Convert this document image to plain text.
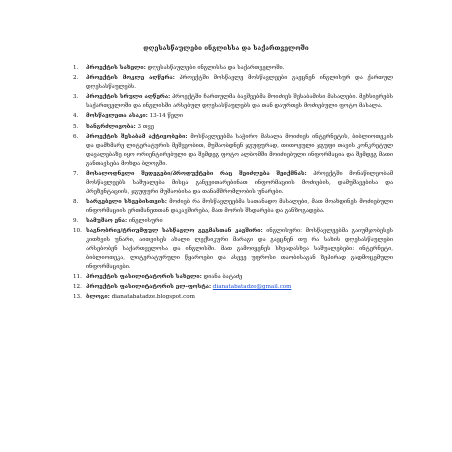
დღესასწაულები ინგლისსა და საქართველოში
1. პროექტის სახელი: დღესასწაულები ინგლისსა და საქართველოში.
2. პროექტის მოკლე აღწერა: პროექტში მოსწავლე მოსწავლეები გაეცნენ ინგლისურ და ქართულ დღესასწაულებს.
3. პროექტის სრული აღწერა: პროექტში ჩართულმა ბავშვებმა მოიძიეს შესაბამისი მასალები. მეხსიერებს საქართველოში და ინგლისში არსებულ დღესასწაულებს და თან დაურთეს მოძიებული ფოტო მასალა.
4. მოსწავლეთა ასაკი: 13-14 წელი
5. ხანგრძლივობა: 3 თვე
6. პროექტის შესაბამ აქტივობები: მოსწავლეებმა საჭირო მასალა მოიძიეს ინტერნეტის, ბიბლიოთეკის და დამხმარე ლიტერატურის მეშვეობით, მუშაობდნენ ჯგუფურად, თითოეული ჯგუფი თავის კონკრეტულ დავალებაზე იყო ორიენტირებული და შემდეგ ფოტო ალბომში მოიძიებული ინფორმაცია და შემდეგ მათი განთავსება მოხდა ბლოგში.
7. მოსალოდნელი შედეგები/პროდუქტები რაც შეიძლება შეიქმნას: პროექტში მონაწილეობამ მოსწავლეებს საშუალება მისცა განევითარებინათ ინფორმაციის მოძიების, დამუშავებისა და პრეზენტაციის, ჯგუფური მუშაობისა და თანამშრომლობის უნარები.
8. სარგებელი სხვებისთვის: მოძიებ რა მოსწავლეებმა სათანადო მასალები, მათ მოახდინეს მოძიებული ინფორმაციის ერთმანეთთან დაკავშირება, მათ მორის შსდარება და განზოგადება.
9. სამუშაო ენა: ინგლისური
10. საგნობრივ/ტრიუმფულ სასწავლო გეგმასთან კავშირი: ინგლისური: მოსწავლეებმა გაიუმჯობესეს კითხვის უნარი, აითვისეს ახალი ლექსიკური მარაგი და გაეცნენ თუ რა სახის დღესასწაულები არსებობენ საქართველოსა და ინგლისში. მათ გამოიყენეს სხვადასხვა საშუალებები: ინტერნეტი, ბიბლიოთეკა, ლიტერატურული წყაროები და ასევე უფროსი თაობისაგან ზეპირად გადმოცემული ინფორმაციები.
11. პროექტის ფასილიტატორის სახელი: დიანა ბატაძე
12. პროექტის ფასილიტატორის ელ-ფოსტა: dianatabatadze@gmail.com
13. ბლოგი: dianatabatadze.blogspot.com
